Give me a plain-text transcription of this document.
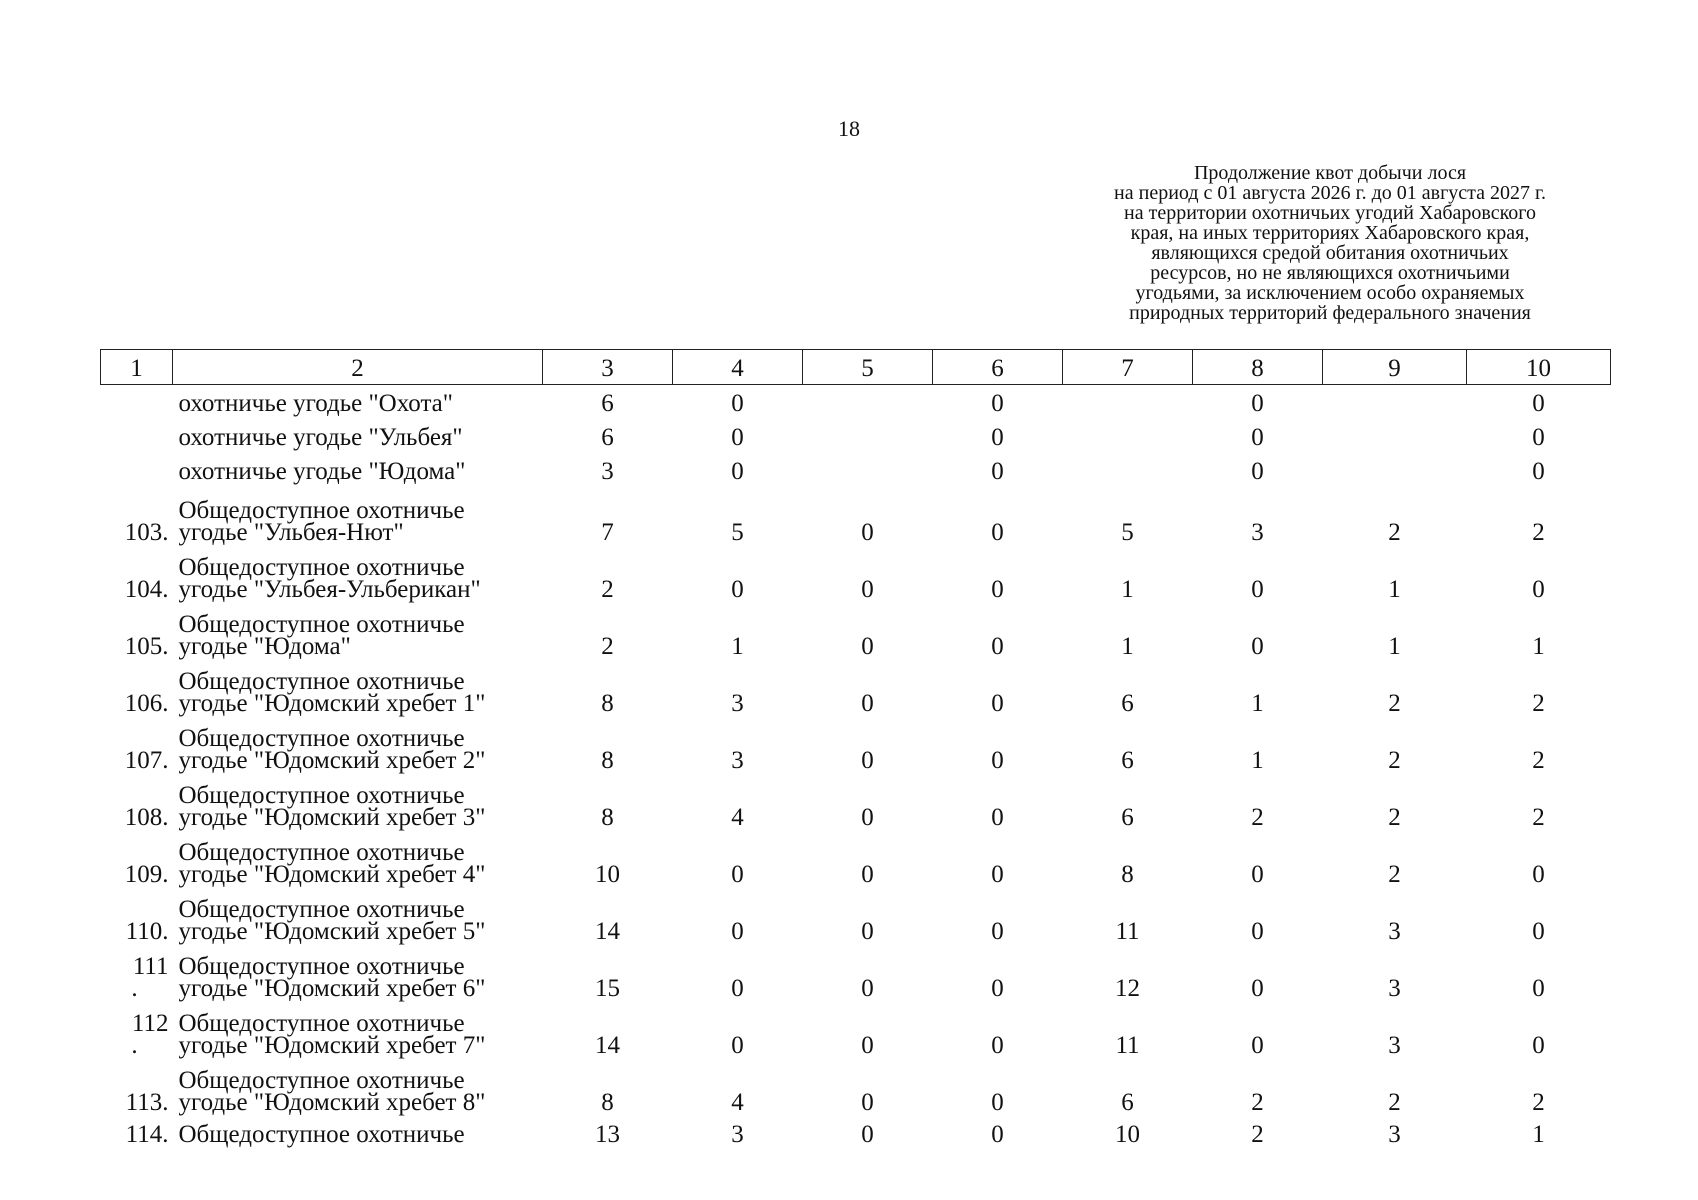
18
Продолжение квот добычи лося
на период с 01 августа 2026 г. до 01 августа 2027 г.
на территории охотничьих угодий Хабаровского
края, на иных территориях Хабаровского края,
являющихся средой обитания охотничьих
ресурсов, но не являющихся охотничьими
угодьями, за исключением особо охраняемых
природных территорий федерального значения
1	2	3	4	5	6	7	8	9	10

	охотничье угодье "Охота"	6	0		0		0		0

	охотничье угодье "Ульбея"	6	0		0		0		0

	охотничье угодье "Юдома"	3	0		0		0		0

103.	Общедоступное охотничье
угодье "Ульбея-Нют"	7	5	0	0	5	3	2	2

104.	Общедоступное охотничье
угодье "Ульбея-Ульберикан"	2	0	0	0	1	0	1	0

105.	Общедоступное охотничье
угодье "Юдома"	2	1	0	0	1	0	1	1

106.	Общедоступное охотничье
угодье "Юдомский хребет 1"	8	3	0	0	6	1	2	2

107.	Общедоступное охотничье
угодье "Юдомский хребет 2"	8	3	0	0	6	1	2	2

108.	Общедоступное охотничье
угодье "Юдомский хребет 3"	8	4	0	0	6	2	2	2

109.	Общедоступное охотничье
угодье "Юдомский хребет 4"	10	0	0	0	8	0	2	0

110.	Общедоступное охотничье
угодье "Юдомский хребет 5"	14	0	0	0	11	0	3	0

111
.	Общедоступное охотничье
угодье "Юдомский хребет 6"	15	0	0	0	12	0	3	0

112
.	Общедоступное охотничье
угодье "Юдомский хребет 7"	14	0	0	0	11	0	3	0

113.	Общедоступное охотничье
угодье "Юдомский хребет 8"	8	4	0	0	6	2	2	2

114.	Общедоступное охотничье	13	3	0	0	10	2	3	1
